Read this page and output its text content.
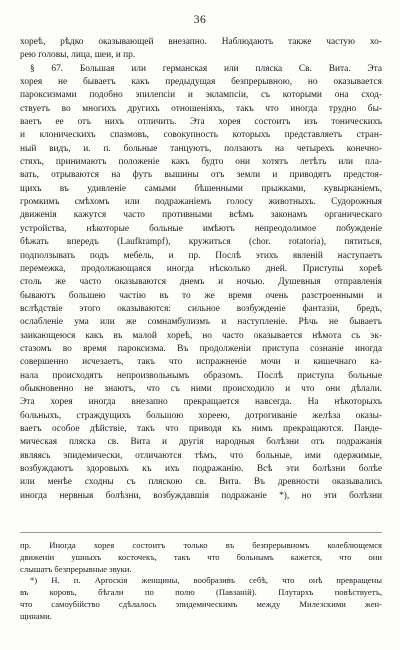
36
хореѣ, рѣдко оказывающей внезапно. Наблюдаютъ также частую хо-
рею головы, лица, шеи, и пр.
§ 67. Большая или германская или пляска Св. Вита. Эта
хорея не бываетъ какъ предыдущая безпрерывною, но оказывается
пароксизмами подобно эпилепсіи и эклампсіи, съ которыми она сход-
ствуетъ во многихъ другихъ отношеніяхъ, такъ что иногда трудно бы-
ваетъ ее отъ нихъ отличить. Эта хорея состоитъ изъ тоническихъ
и клоническихъ спазмовъ, совокупность которыхъ представляетъ стран-
ный видъ, и. п. больные танцуютъ, ползаютъ на четырехъ конечно-
стяхъ, принимаютъ положеніе какъ будто они хотятъ летѣть или пла-
вать, отрываются на футъ вышины отъ земли и приводятъ предстоя-
щихъ въ удивленіе самыми бѣшенными прыжками, кувырканіемъ,
громкимъ смѣхомъ или подражаніемъ голосу животныхъ. Судорожныя
движенія кажутся часто противными всѣмъ законамъ органическаго
устройства, нѣкоторые больные имѣютъ непреодолимое побужденіе
бѣжать впередъ (Laufkrampf), кружиться (chor. rotatoria), пятиться,
подползывать подъ мебель, и пр. Послѣ этихъ явленій наступаетъ
перемежка, продолжающаяся иногда нѣсколько дней. Приступы хореѣ
столь же часто оказываются днемъ и ночью. Душевныя отправленія
бываютъ большею частію въ то же время очень разстроенными и
вслѣдствіе этого оказываются: сильное возбужденіе фантазіи, бредъ,
ослабленіе ума или же сомнамбулизмъ и наступленіе. Рѣчь не бываетъ
заикающеюся какъ въ малой хореѣ, но часто оказывается нѣмота съ эк-
стазомъ во время пароксизма. Въ продолженіи приступа сознаніе иногда
совершенно исчезаетъ, такъ что испражненіе мочи и кишечнаго ка-
нала происходятъ непроизвольнымъ образомъ. Послѣ приступа больные
обыкновенно не знаютъ, что съ ними происходило и что они дѣлали.
Эта хорея иногда внезапно прекращается навсегда. На нѣкоторыхъ
больныхъ, страждущихъ большою хореею, дотрогиваніе желѣза оказы-
ваетъ особое дѣйствіе, такъ что приводя къ нимъ прекращаются. Панде-
мическая пляска св. Вита и другія народныя болѣзни отъ подражанія
являясь эпидемически, отличаются тѣмъ, что больные, ими одержимые,
возбуждаютъ здоровыхъ къ ихъ подражанію. Всѣ эти болѣзни болѣе
или менѣе сходны съ пляскою св. Вита. Въ древности оказывались
иногда нервныя болѣзни, возбуждавшія подражаніе *), но эти болѣзни
пр. Иногда хорея состоитъ только въ безпрерывномъ колеблющемся
движеніи ушныхъ косточекъ, такъ что больнымъ кажется, что они
слышатъ безпрерывные звуки.
*) Н. п. Аргоскія женщины, вообразивъ себѣ, что онѣ превращены
въ коровъ, бѣгали по полю (Павзаній). Плутархъ повѣствуетъ,
что самоубійство сдѣлалось эпидемическимъ между Милезскими жен-
щинами.
